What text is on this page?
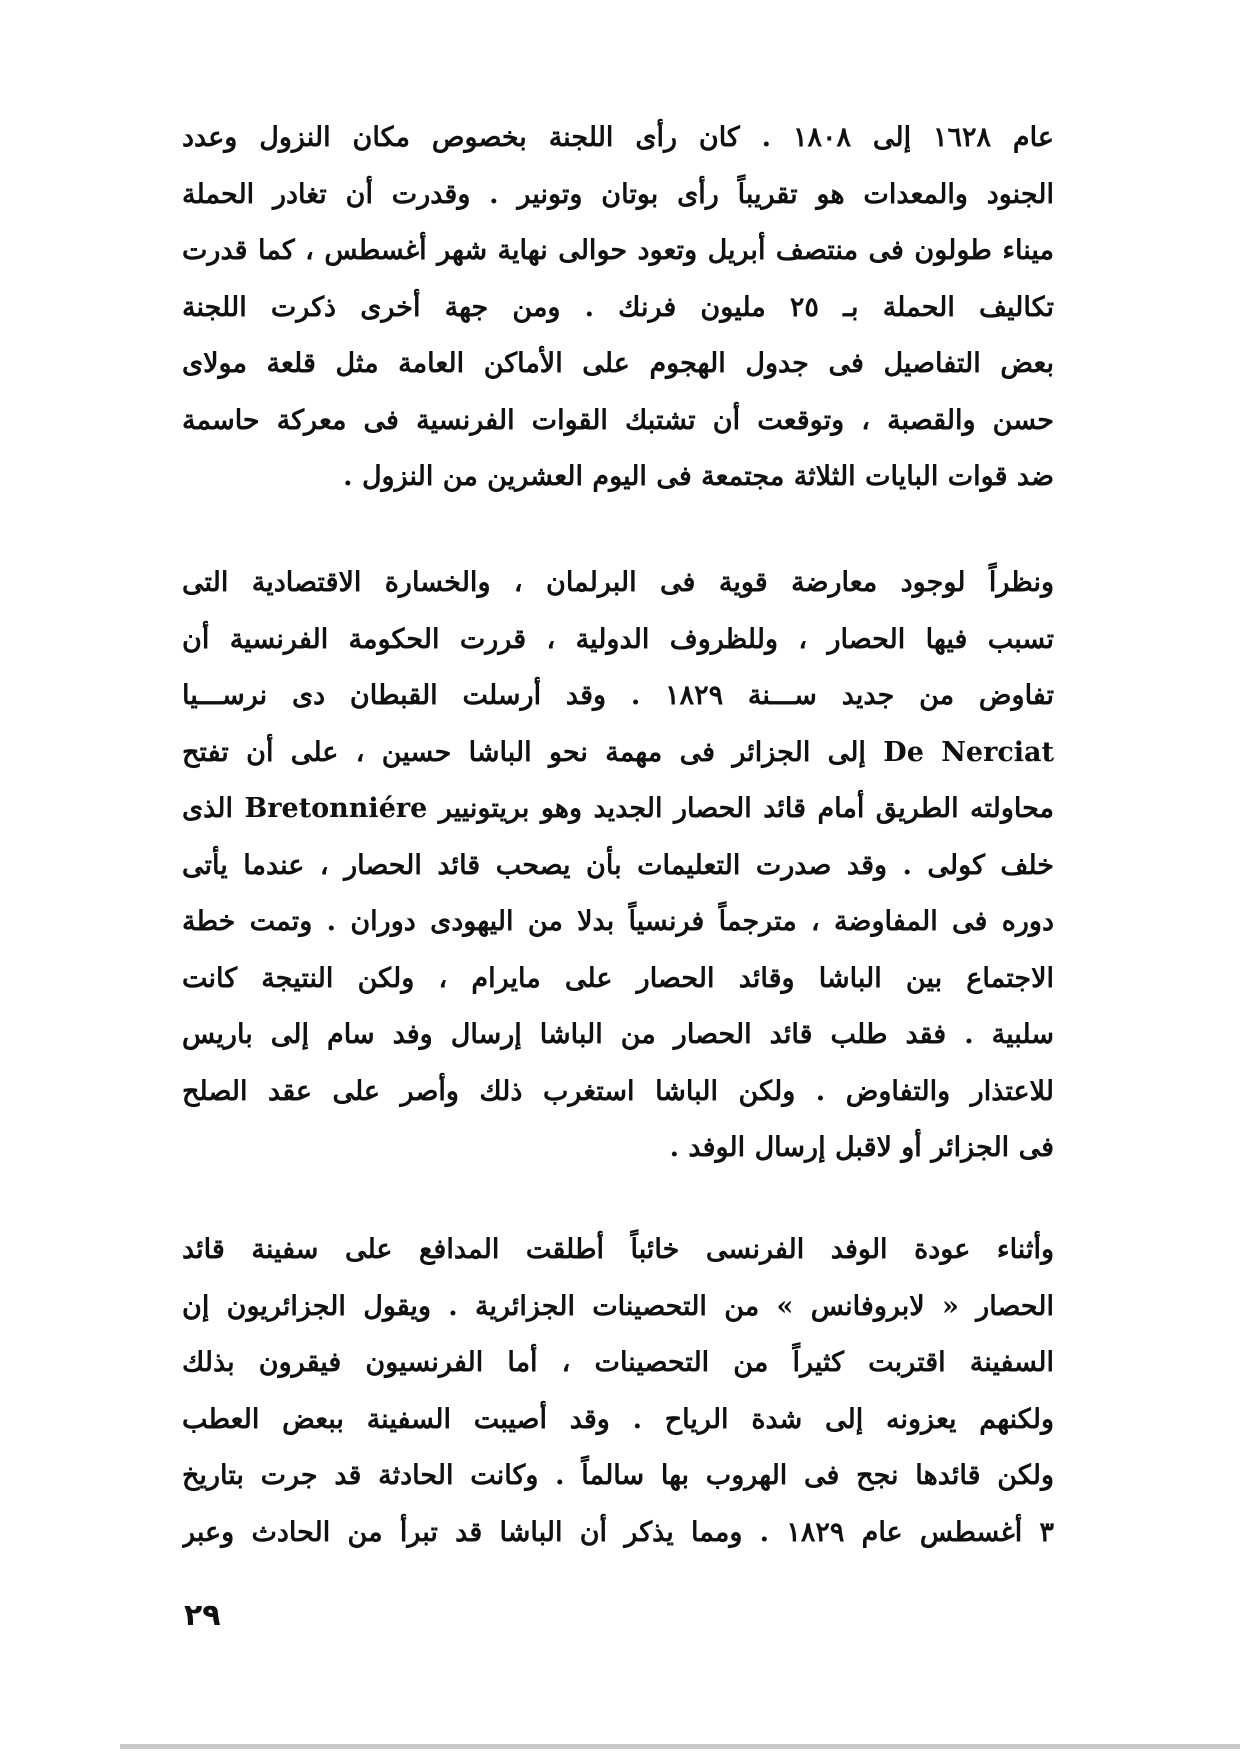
عام ١٦٢٨ إلى ١٨٠٨ . كان رأى اللجنة بخصوص مكان النزول وعدد
الجنود والمعدات هو تقريباً رأى بوتان وتونير . وقدرت أن تغادر الحملة
ميناء طولون فى منتصف أبريل وتعود حوالى نهاية شهر أغسطس ، كما قدرت
تكاليف الحملة بـ ٢٥ مليون فرنك . ومن جهة أخرى ذكرت اللجنة
بعض التفاصيل فى جدول الهجوم على الأماكن العامة مثل قلعة مولاى
حسن والقصبة ، وتوقعت أن تشتبك القوات الفرنسية فى معركة حاسمة
ضد قوات البايات الثلاثة مجتمعة فى اليوم العشرين من النزول .
ونظراً لوجود معارضة قوية فى البرلمان ، والخسارة الاقتصادية التى
تسبب فيها الحصار ، وللظروف الدولية ، قررت الحكومة الفرنسية أن
تفاوض من جديد ســـنة ١٨٢٩ . وقد أرسلت القبطان دى نرســـيا
De Nerciat إلى الجزائر فى مهمة نحو الباشا حسين ، على أن تفتح
محاولته الطريق أمام قائد الحصار الجديد وهو بريتونيير Bretonniére الذى
خلف كولى . وقد صدرت التعليمات بأن يصحب قائد الحصار ، عندما يأتى
دوره فى المفاوضة ، مترجماً فرنسياً بدلا من اليهودى دوران . وتمت خطة
الاجتماع بين الباشا وقائد الحصار على مايرام ، ولكن النتيجة كانت
سلبية . فقد طلب قائد الحصار من الباشا إرسال وفد سام إلى باريس
للاعتذار والتفاوض . ولكن الباشا استغرب ذلك وأصر على عقد الصلح
فى الجزائر أو لاقبل إرسال الوفد .
وأثناء عودة الوفد الفرنسى خائباً أطلقت المدافع على سفينة قائد
الحصار « لابروفانس » من التحصينات الجزائرية . ويقول الجزائريون إن
السفينة اقتربت كثيراً من التحصينات ، أما الفرنسيون فيقرون بذلك
ولكنهم يعزونه إلى شدة الرياح . وقد أصيبت السفينة ببعض العطب
ولكن قائدها نجح فى الهروب بها سالماً . وكانت الحادثة قد جرت بتاريخ
٣ أغسطس عام ١٨٢٩ . ومما يذكر أن الباشا قد تبرأ من الحادث وعبر
٢٩
